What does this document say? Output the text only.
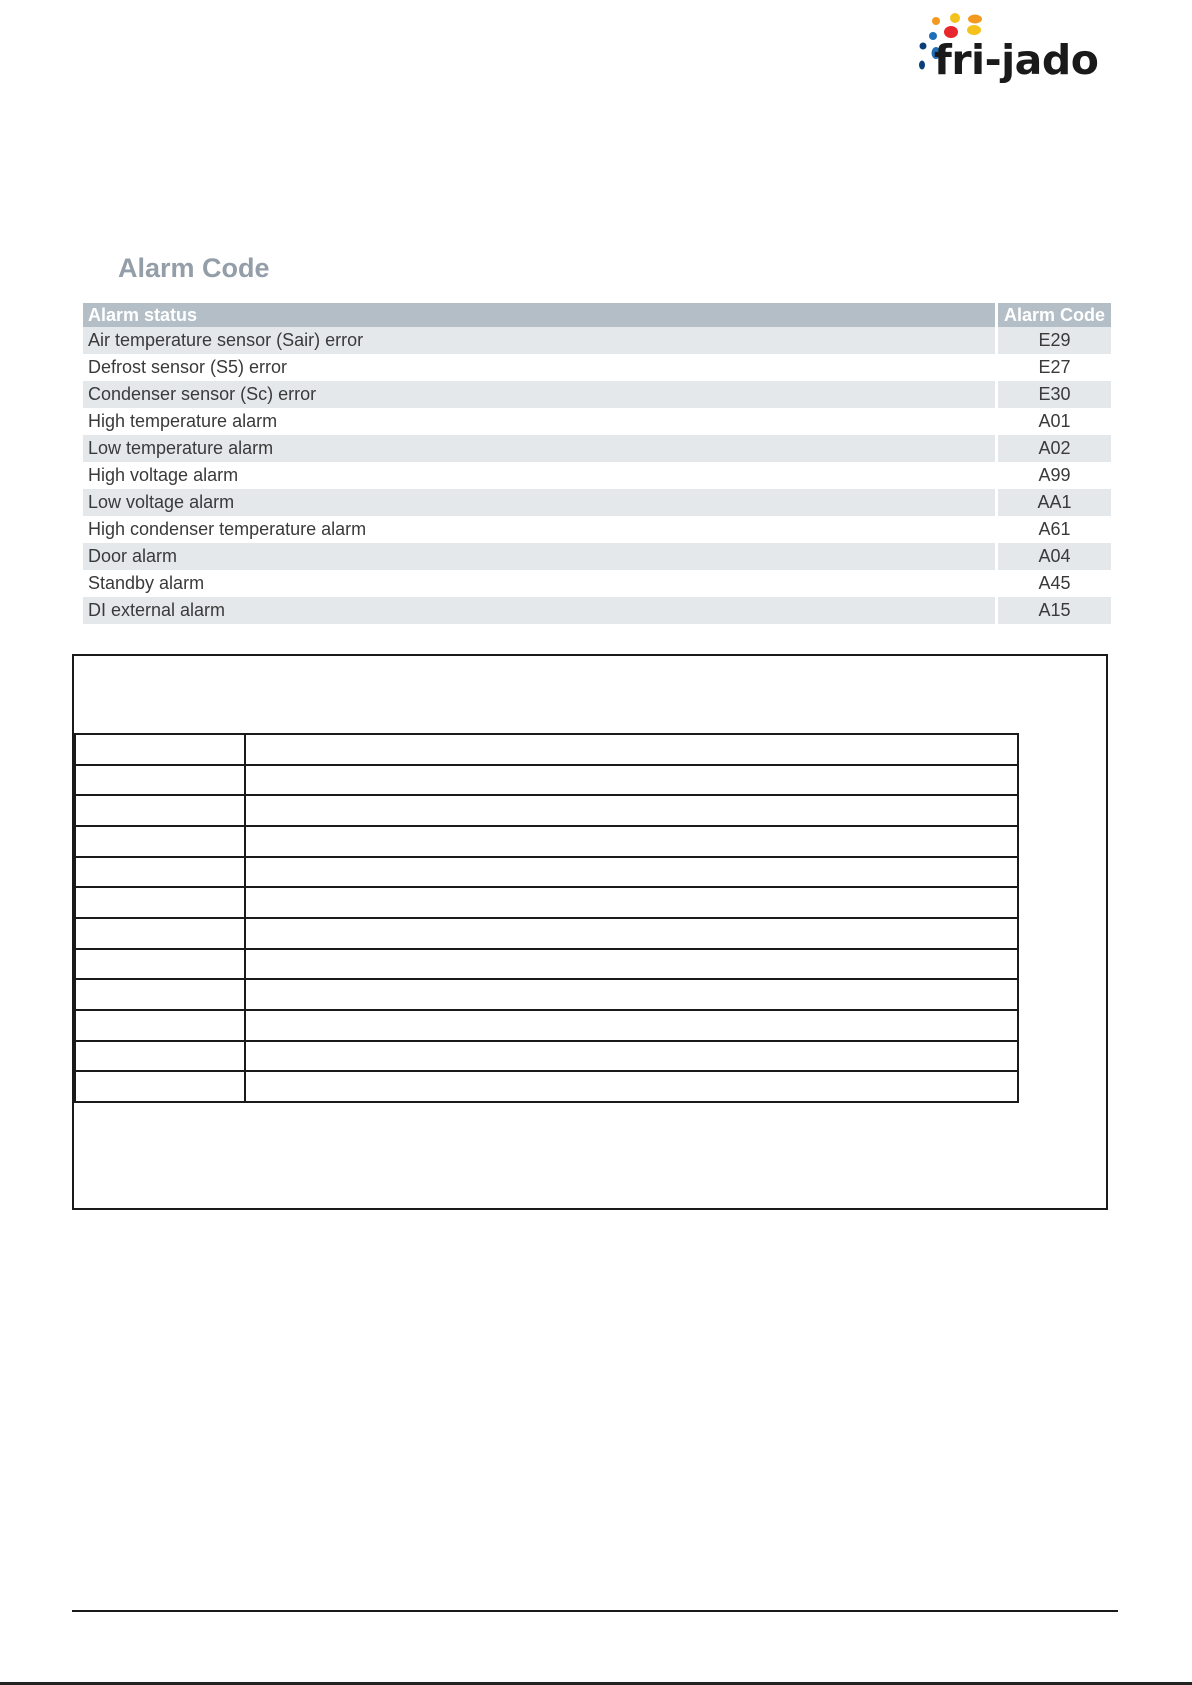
fri-jado
Alarm Code
Alarm status	Alarm Code
Air temperature sensor (Sair) error	E29
Defrost sensor (S5) error	E27
Condenser sensor (Sc) error	E30
High temperature alarm	A01
Low temperature alarm	A02
High voltage alarm	A99
Low voltage alarm	AA1
High condenser temperature alarm	A61
Door alarm	A04
Standby alarm	A45
DI external alarm	A15
